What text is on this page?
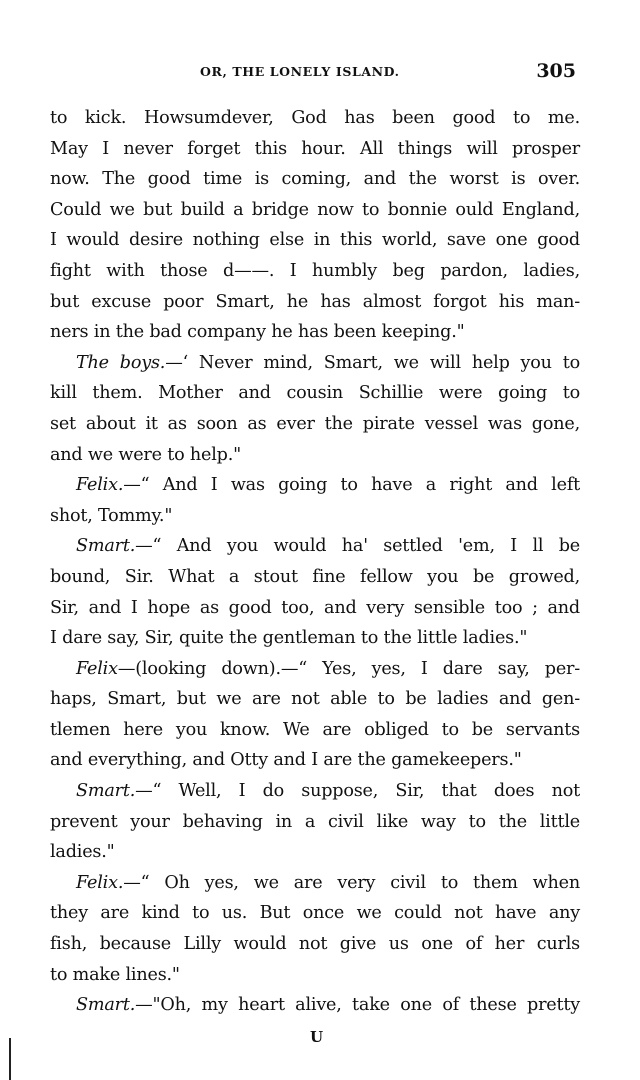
OR, THE LONELY ISLAND.	305
to kick. Howsumdever, God has been good to me.
May I never forget this hour. All things will prosper
now. The good time is coming, and the worst is over.
Could we but build a bridge now to bonnie ould England,
I would desire nothing else in this world, save one good
fight with those d——. I humbly beg pardon, ladies,
but excuse poor Smart, he has almost forgot his man-
ners in the bad company he has been keeping."
The boys.—‘ Never mind, Smart, we will help you to
kill them. Mother and cousin Schillie were going to
set about it as soon as ever the pirate vessel was gone,
and we were to help."
Felix.—“ And I was going to have a right and left
shot, Tommy."
Smart.—“ And you would ha' settled 'em, I ll be
bound, Sir. What a stout fine fellow you be growed,
Sir, and I hope as good too, and very sensible too ; and
I dare say, Sir, quite the gentleman to the little ladies."
Felix—(looking down).—“ Yes, yes, I dare say, per-
haps, Smart, but we are not able to be ladies and gen-
tlemen here you know. We are obliged to be servants
and everything, and Otty and I are the gamekeepers."
Smart.—“ Well, I do suppose, Sir, that does not
prevent your behaving in a civil like way to the little
ladies."
Felix.—“ Oh yes, we are very civil to them when
they are kind to us. But once we could not have any
fish, because Lilly would not give us one of her curls
to make lines."
Smart.—"Oh, my heart alive, take one of these pretty
U
